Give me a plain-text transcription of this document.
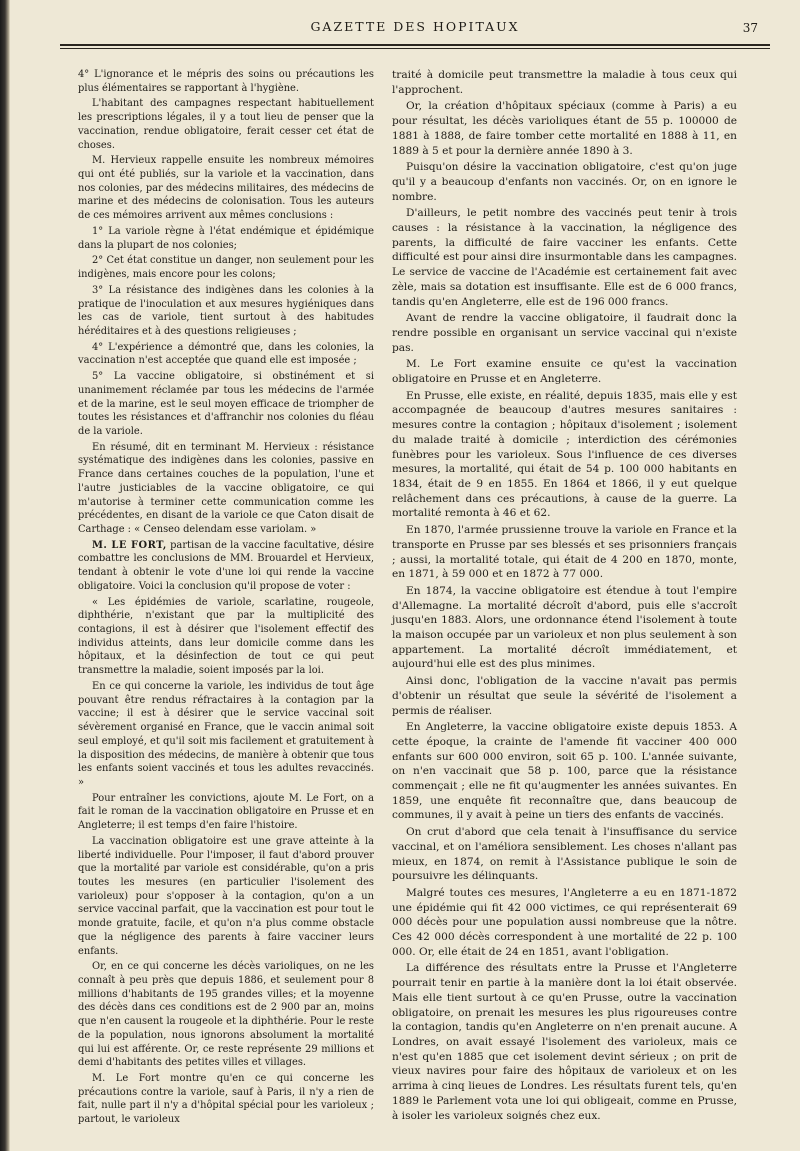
GAZETTE DES HOPITAUX	37

4° L'ignorance et le mépris des soins ou précautions les plus élémentaires se rapportant à l'hygiène.

L'habitant des campagnes respectant habituellement les prescriptions légales, il y a tout lieu de penser que la vaccination, rendue obligatoire, ferait cesser cet état de choses.

M. Hervieux rappelle ensuite les nombreux mémoires qui ont été publiés, sur la variole et la vaccination, dans nos colonies, par des médecins militaires, des médecins de marine et des médecins de colonisation. Tous les auteurs de ces mémoires arrivent aux mêmes conclusions :

1° La variole règne à l'état endémique et épidémique dans la plupart de nos colonies;

2° Cet état constitue un danger, non seulement pour les indigènes, mais encore pour les colons;

3° La résistance des indigènes dans les colonies à la pratique de l'inoculation et aux mesures hygiéniques dans les cas de variole, tient surtout à des habitudes héréditaires et à des questions religieuses ;

4° L'expérience a démontré que, dans les colonies, la vaccination n'est acceptée que quand elle est imposée ;

5° La vaccine obligatoire, si obstinément et si unanimement réclamée par tous les médecins de l'armée et de la marine, est le seul moyen efficace de triompher de toutes les résistances et d'affranchir nos colonies du fléau de la variole.

En résumé, dit en terminant M. Hervieux : résistance systématique des indigènes dans les colonies, passive en France dans certaines couches de la population, l'une et l'autre justiciables de la vaccine obligatoire, ce qui m'autorise à terminer cette communication comme les précédentes, en disant de la variole ce que Caton disait de Carthage : « Censeo delendam esse variolam. »

M. LE FORT, partisan de la vaccine facultative, désire combattre les conclusions de MM. Brouardel et Hervieux, tendant à obtenir le vote d'une loi qui rende la vaccine obligatoire. Voici la conclusion qu'il propose de voter :

« Les épidémies de variole, scarlatine, rougeole, diphthérie, n'existant que par la multiplicité des contagions, il est à désirer que l'isolement effectif des individus atteints, dans leur domicile comme dans les hôpitaux, et la désinfection de tout ce qui peut transmettre la maladie, soient imposés par la loi.

En ce qui concerne la variole, les individus de tout âge pouvant être rendus réfractaires à la contagion par la vaccine; il est à désirer que le service vaccinal soit sévèrement organisé en France, que le vaccin animal soit seul employé, et qu'il soit mis facilement et gratuitement à la disposition des médecins, de manière à obtenir que tous les enfants soient vaccinés et tous les adultes revaccinés. »

Pour entraîner les convictions, ajoute M. Le Fort, on a fait le roman de la vaccination obligatoire en Prusse et en Angleterre; il est temps d'en faire l'histoire.

La vaccination obligatoire est une grave atteinte à la liberté individuelle. Pour l'imposer, il faut d'abord prouver que la mortalité par variole est considérable, qu'on a pris toutes les mesures (en particulier l'isolement des varioleux) pour s'opposer à la contagion, qu'on a un service vaccinal parfait, que la vaccination est pour tout le monde gratuite, facile, et qu'on n'a plus comme obstacle que la négligence des parents à faire vacciner leurs enfants.

Or, en ce qui concerne les décès varioliques, on ne les connaît à peu près que depuis 1886, et seulement pour 8 millions d'habitants de 195 grandes villes; et la moyenne des décès dans ces conditions est de 2 900 par an, moins que n'en causent la rougeole et la diphthérie. Pour le reste de la population, nous ignorons absolument la mortalité qui lui est afférente. Or, ce reste représente 29 millions et demi d'habitants des petites villes et villages.

M. Le Fort montre qu'en ce qui concerne les précautions contre la variole, sauf à Paris, il n'y a rien de fait, nulle part il n'y a d'hôpital spécial pour les varioleux ; partout, le varioleux

traité à domicile peut transmettre la maladie à tous ceux qui l'approchent.

Or, la création d'hôpitaux spéciaux (comme à Paris) a eu pour résultat, les décès varioliques étant de 55 p. 100000 de 1881 à 1888, de faire tomber cette mortalité en 1888 à 11, en 1889 à 5 et pour la dernière année 1890 à 3.

Puisqu'on désire la vaccination obligatoire, c'est qu'on juge qu'il y a beaucoup d'enfants non vaccinés. Or, on en ignore le nombre.

D'ailleurs, le petit nombre des vaccinés peut tenir à trois causes : la résistance à la vaccination, la négligence des parents, la difficulté de faire vacciner les enfants. Cette difficulté est pour ainsi dire insurmontable dans les campagnes. Le service de vaccine de l'Académie est certainement fait avec zèle, mais sa dotation est insuffisante. Elle est de 6 000 francs, tandis qu'en Angleterre, elle est de 196 000 francs.

Avant de rendre la vaccine obligatoire, il faudrait donc la rendre possible en organisant un service vaccinal qui n'existe pas.

M. Le Fort examine ensuite ce qu'est la vaccination obligatoire en Prusse et en Angleterre.

En Prusse, elle existe, en réalité, depuis 1835, mais elle y est accompagnée de beaucoup d'autres mesures sanitaires : mesures contre la contagion ; hôpitaux d'isolement ; isolement du malade traité à domicile ; interdiction des cérémonies funèbres pour les varioleux. Sous l'influence de ces diverses mesures, la mortalité, qui était de 54 p. 100 000 habitants en 1834, était de 9 en 1855. En 1864 et 1866, il y eut quelque relâchement dans ces précautions, à cause de la guerre. La mortalité remonta à 46 et 62.

En 1870, l'armée prussienne trouve la variole en France et la transporte en Prusse par ses blessés et ses prisonniers français ; aussi, la mortalité totale, qui était de 4 200 en 1870, monte, en 1871, à 59 000 et en 1872 à 77 000.

En 1874, la vaccine obligatoire est étendue à tout l'empire d'Allemagne. La mortalité décroît d'abord, puis elle s'accroît jusqu'en 1883. Alors, une ordonnance étend l'isolement à toute la maison occupée par un varioleux et non plus seulement à son appartement. La mortalité décroît immédiatement, et aujourd'hui elle est des plus minimes.

Ainsi donc, l'obligation de la vaccine n'avait pas permis d'obtenir un résultat que seule la sévérité de l'isolement a permis de réaliser.

En Angleterre, la vaccine obligatoire existe depuis 1853. A cette époque, la crainte de l'amende fit vacciner 400 000 enfants sur 600 000 environ, soit 65 p. 100. L'année suivante, on n'en vaccinait que 58 p. 100, parce que la résistance commençait ; elle ne fit qu'augmenter les années suivantes. En 1859, une enquête fit reconnaître que, dans beaucoup de communes, il y avait à peine un tiers des enfants de vaccinés.

On crut d'abord que cela tenait à l'insuffisance du service vaccinal, et on l'améliora sensiblement. Les choses n'allant pas mieux, en 1874, on remit à l'Assistance publique le soin de poursuivre les délinquants.

Malgré toutes ces mesures, l'Angleterre a eu en 1871-1872 une épidémie qui fit 42 000 victimes, ce qui représenterait 69 000 décès pour une population aussi nombreuse que la nôtre. Ces 42 000 décès correspondent à une mortalité de 22 p. 100 000. Or, elle était de 24 en 1851, avant l'obligation.

La différence des résultats entre la Prusse et l'Angleterre pourrait tenir en partie à la manière dont la loi était observée. Mais elle tient surtout à ce qu'en Prusse, outre la vaccination obligatoire, on prenait les mesures les plus rigoureuses contre la contagion, tandis qu'en Angleterre on n'en prenait aucune. A Londres, on avait essayé l'isolement des varioleux, mais ce n'est qu'en 1885 que cet isolement devint sérieux ; on prit de vieux navires pour faire des hôpitaux de varioleux et on les arrima à cinq lieues de Londres. Les résultats furent tels, qu'en 1889 le Parlement vota une loi qui obligeait, comme en Prusse, à isoler les varioleux soignés chez eux.
